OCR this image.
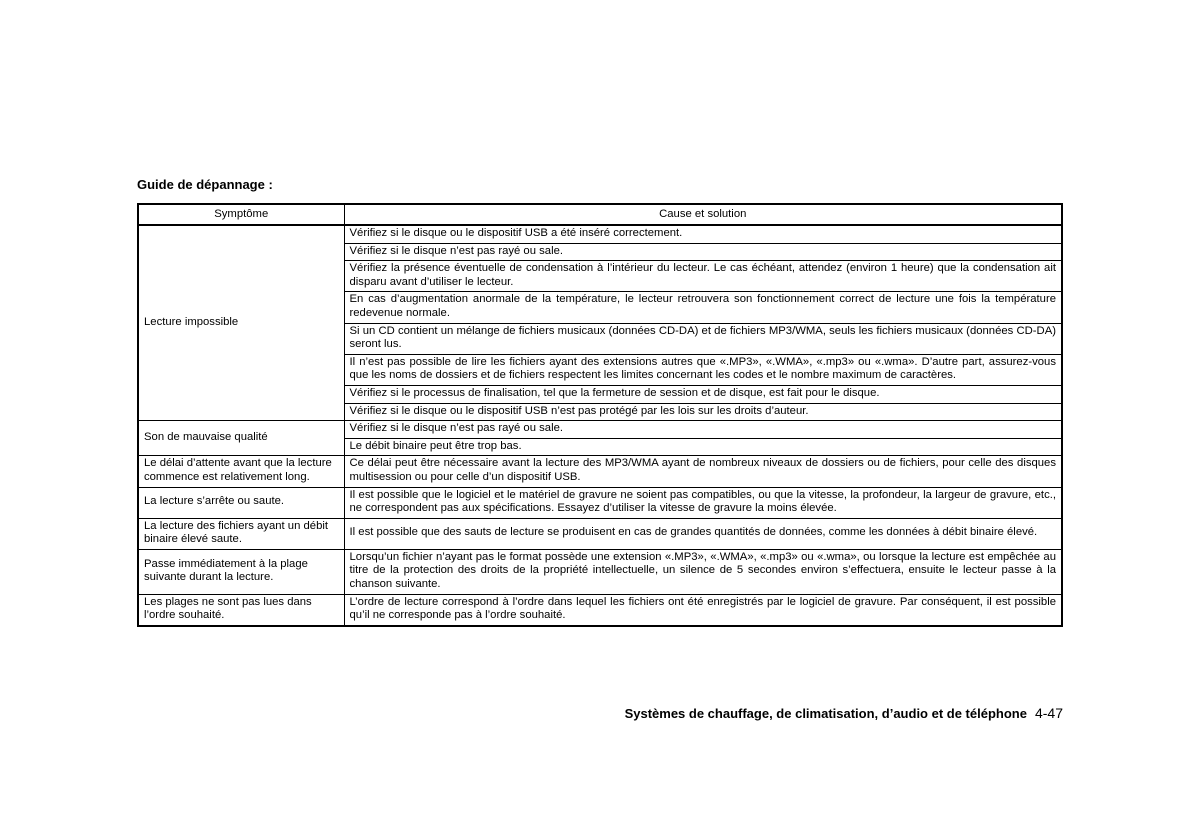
Guide de dépannage :
Symptôme	Cause et solution
Lecture impossible	Vérifiez si le disque ou le dispositif USB a été inséré correctement.
	Vérifiez si le disque n’est pas rayé ou sale.
	Vérifiez la présence éventuelle de condensation à l’intérieur du lecteur. Le cas échéant, attendez (environ 1 heure) que la condensation ait disparu avant d’utiliser le lecteur.
	En cas d’augmentation anormale de la température, le lecteur retrouvera son fonctionnement correct de lecture une fois la température redevenue normale.
	Si un CD contient un mélange de fichiers musicaux (données CD-DA) et de fichiers MP3/WMA, seuls les fichiers musicaux (données CD-DA) seront lus.
	Il n’est pas possible de lire les fichiers ayant des extensions autres que «.MP3», «.WMA», «.mp3» ou «.wma». D’autre part, assurez-vous que les noms de dossiers et de fichiers respectent les limites concernant les codes et le nombre maximum de caractères.
	Vérifiez si le processus de finalisation, tel que la fermeture de session et de disque, est fait pour le disque.
	Vérifiez si le disque ou le dispositif USB n’est pas protégé par les lois sur les droits d’auteur.
Son de mauvaise qualité	Vérifiez si le disque n’est pas rayé ou sale.
	Le débit binaire peut être trop bas.
Le délai d’attente avant que la lecture commence est relativement long.	Ce délai peut être nécessaire avant la lecture des MP3/WMA ayant de nombreux niveaux de dossiers ou de fichiers, pour celle des disques multisession ou pour celle d’un dispositif USB.
La lecture s’arrête ou saute.	Il est possible que le logiciel et le matériel de gravure ne soient pas compatibles, ou que la vitesse, la profondeur, la largeur de gravure, etc., ne correspondent pas aux spécifications. Essayez d’utiliser la vitesse de gravure la moins élevée.
La lecture des fichiers ayant un débit binaire élevé saute.	Il est possible que des sauts de lecture se produisent en cas de grandes quantités de données, comme les données à débit binaire élevé.
Passe immédiatement à la plage suivante durant la lecture.	Lorsqu’un fichier n’ayant pas le format possède une extension «.MP3», «.WMA», «.mp3» ou «.wma», ou lorsque la lecture est empêchée au titre de la protection des droits de la propriété intellectuelle, un silence de 5 secondes environ s’effectuera, ensuite le lecteur passe à la chanson suivante.
Les plages ne sont pas lues dans l’ordre souhaité.	L’ordre de lecture correspond à l’ordre dans lequel les fichiers ont été enregistrés par le logiciel de gravure. Par conséquent, il est possible qu’il ne corresponde pas à l’ordre souhaité.
Systèmes de chauffage, de climatisation, d’audio et de téléphone 4-47
